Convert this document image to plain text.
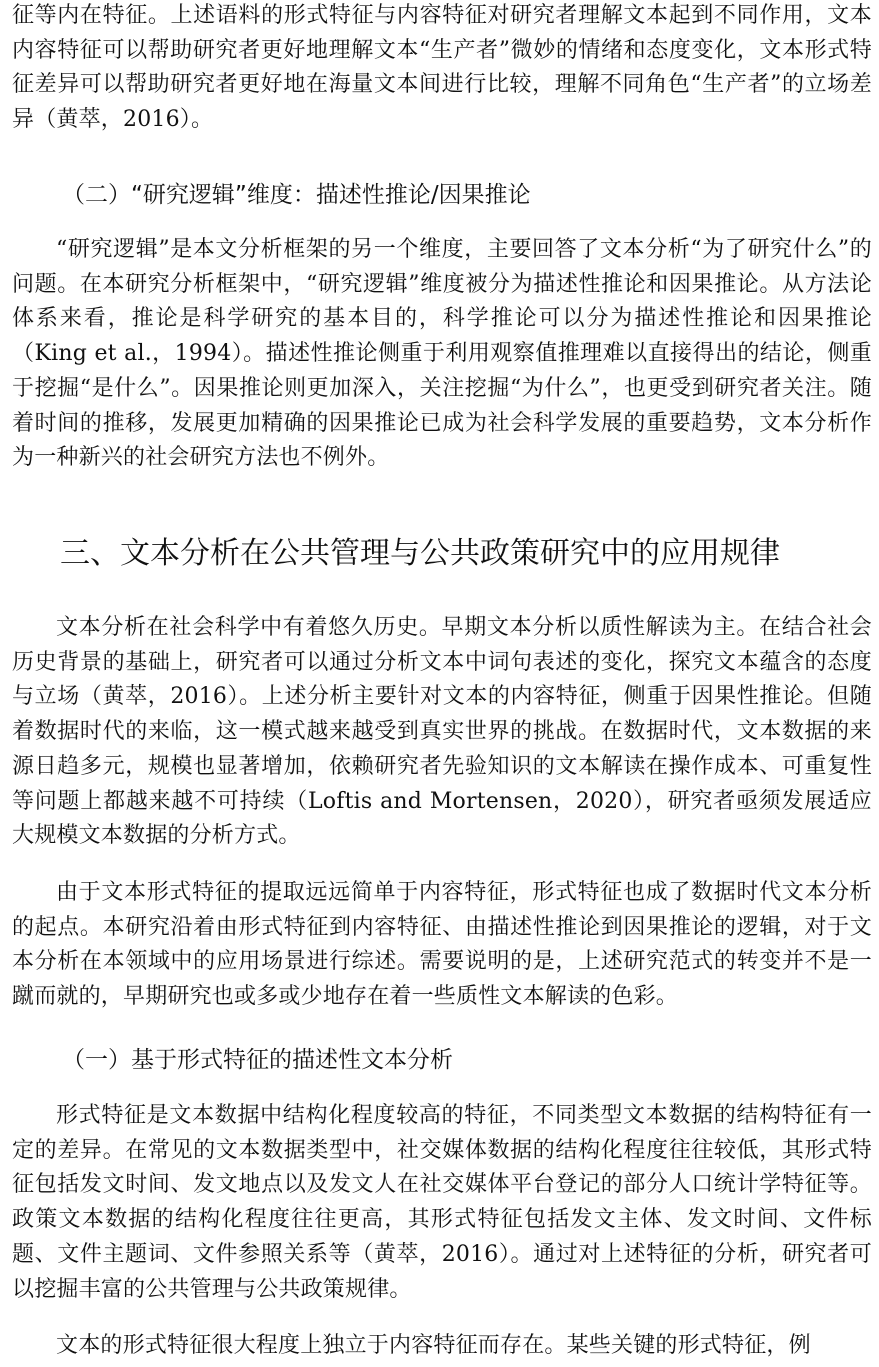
征等内在特征。上述语料的形式特征与内容特征对研究者理解文本起到不同作用，文本内容特征可以帮助研究者更好地理解文本“生产者”微妙的情绪和态度变化，文本形式特征差异可以帮助研究者更好地在海量文本间进行比较，理解不同角色“生产者”的立场差异（黄萃，2016）。

（二）“研究逻辑”维度：描述性推论/因果推论

“研究逻辑”是本文分析框架的另一个维度，主要回答了文本分析“为了研究什么”的问题。在本研究分析框架中，“研究逻辑”维度被分为描述性推论和因果推论。从方法论体系来看，推论是科学研究的基本目的，科学推论可以分为描述性推论和因果推论（King et al.，1994）。描述性推论侧重于利用观察值推理难以直接得出的结论，侧重于挖掘“是什么”。因果推论则更加深入，关注挖掘“为什么”，也更受到研究者关注。随着时间的推移，发展更加精确的因果推论已成为社会科学发展的重要趋势，文本分析作为一种新兴的社会研究方法也不例外。

三、文本分析在公共管理与公共政策研究中的应用规律

文本分析在社会科学中有着悠久历史。早期文本分析以质性解读为主。在结合社会历史背景的基础上，研究者可以通过分析文本中词句表述的变化，探究文本蕴含的态度与立场（黄萃，2016）。上述分析主要针对文本的内容特征，侧重于因果性推论。但随着数据时代的来临，这一模式越来越受到真实世界的挑战。在数据时代，文本数据的来源日趋多元，规模也显著增加，依赖研究者先验知识的文本解读在操作成本、可重复性等问题上都越来越不可持续（Loftis and Mortensen，2020），研究者亟须发展适应大规模文本数据的分析方式。

由于文本形式特征的提取远远简单于内容特征，形式特征也成了数据时代文本分析的起点。本研究沿着由形式特征到内容特征、由描述性推论到因果推论的逻辑，对于文本分析在本领域中的应用场景进行综述。需要说明的是，上述研究范式的转变并不是一蹴而就的，早期研究也或多或少地存在着一些质性文本解读的色彩。

（一）基于形式特征的描述性文本分析

形式特征是文本数据中结构化程度较高的特征，不同类型文本数据的结构特征有一定的差异。在常见的文本数据类型中，社交媒体数据的结构化程度往往较低，其形式特征包括发文时间、发文地点以及发文人在社交媒体平台登记的部分人口统计学特征等。政策文本数据的结构化程度往往更高，其形式特征包括发文主体、发文时间、文件标题、文件主题词、文件参照关系等（黄萃，2016）。通过对上述特征的分析，研究者可以挖掘丰富的公共管理与公共政策规律。

文本的形式特征很大程度上独立于内容特征而存在。某些关键的形式特征，例
